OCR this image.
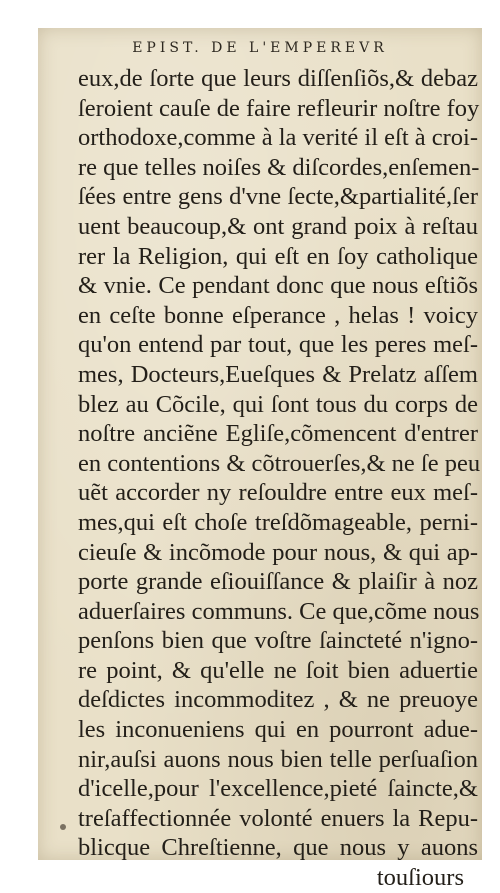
EPIST. DE L'EMPEREVR
eux,de ſorte que leurs diſſenſiõs,& debaz
ſeroient cauſe de faire refleurir noſtre foy
orthodoxe,comme à la verité il eſt à croi-
re que telles noiſes & diſcordes,enſemen-
ſées entre gens d'vne ſecte,&partialité,ſer
uent beaucoup,& ont grand poix à reſtau
rer la Religion, qui eſt en ſoy catholique
& vnie. Ce pendant donc que nous eſtiõs
en ceſte bonne eſperance , helas ! voicy
qu'on entend par tout, que les peres meſ-
mes, Docteurs,Eueſques & Prelatz aſſem
blez au Cõcile, qui ſont tous du corps de
noſtre anciẽne Egliſe,cõmencent d'entrer
en contentions & cõtrouerſes,& ne ſe peu
uẽt accorder ny reſouldre entre eux meſ-
mes,qui eſt choſe treſdõmageable, perni-
cieuſe & incõmode pour nous, & qui ap-
porte grande eſiouiſſance & plaiſir à noz
aduerſaires communs. Ce que,cõme nous
penſons bien que voſtre ſaincteté n'igno-
re point, & qu'elle ne ſoit bien aduertie
deſdictes incommoditez , & ne preuoye
les inconueniens qui en pourront adue-
nir,auſsi auons nous bien telle perſuaſion
d'icelle,pour l'excellence,pieté ſaincte,&
treſaffectionnée volonté enuers la Repu-
blicque Chreſtienne, que nous y auons
touſiours
